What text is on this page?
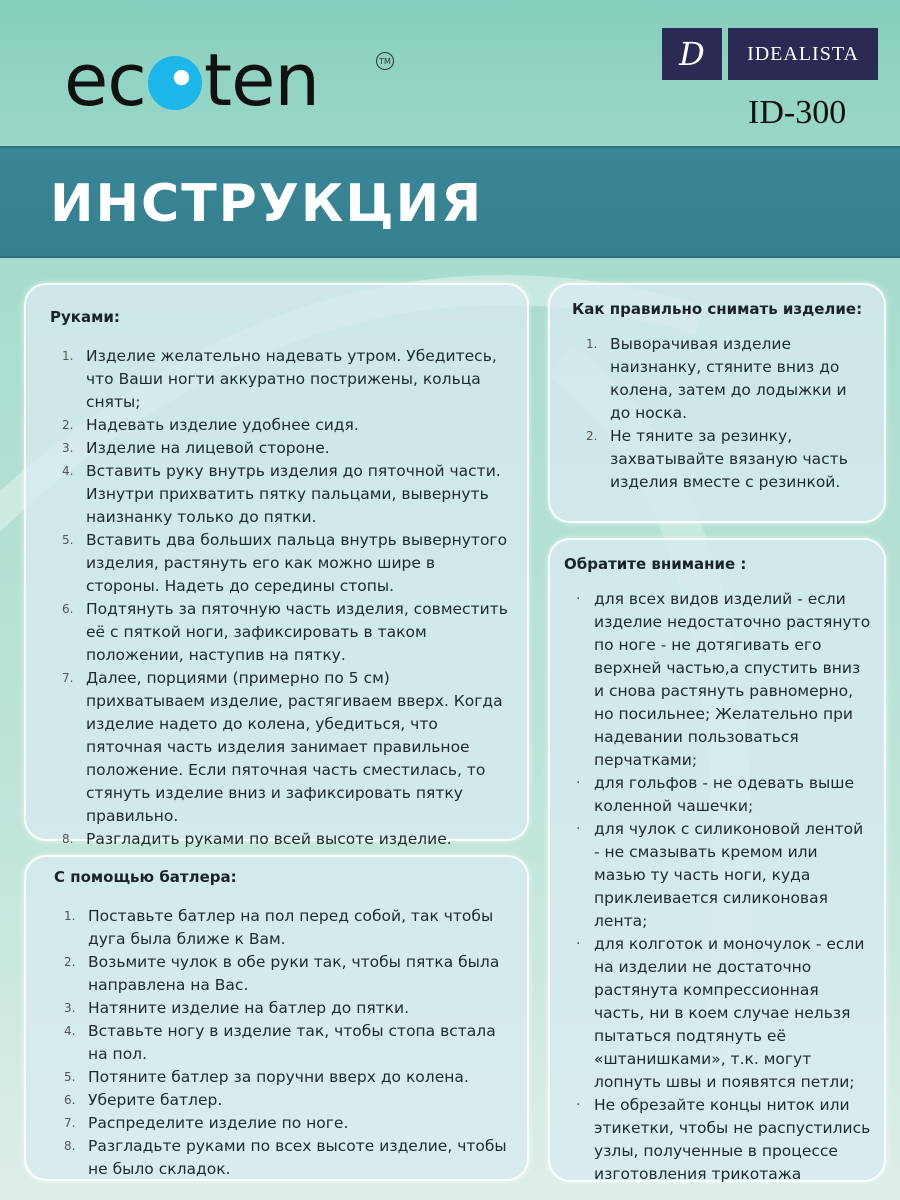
ec ten	TM	D	IDEALISTA
ID-300
ИНСТРУКЦИЯ
Руками:
1. Изделие желательно надевать утром. Убедитесь, что Ваши ногти аккуратно пострижены, кольца сняты;
2. Надевать изделие удобнее сидя.
3. Изделие на лицевой стороне.
4. Вставить руку внутрь изделия до пяточной части. Изнутри прихватить пятку пальцами, вывернуть наизнанку только до пятки.
5. Вставить два больших пальца внутрь вывернутого изделия, растянуть его как можно шире в стороны. Надеть до середины стопы.
6. Подтянуть за пяточную часть изделия, совместить её с пяткой ноги, зафиксировать в таком положении, наступив на пятку.
7. Далее, порциями (примерно по 5 см) прихватываем изделие, растягиваем вверх. Когда изделие надето до колена, убедиться, что пяточная часть изделия занимает правильное положение. Если пяточная часть сместилась, то стянуть изделие вниз и зафиксировать пятку правильно.
8. Разгладить руками по всей высоте изделие.
С помощью батлера:
1. Поставьте батлер на пол перед собой, так чтобы дуга была ближе к Вам.
2. Возьмите чулок в обе руки так, чтобы пятка была направлена на Вас.
3. Натяните изделие на батлер до пятки.
4. Вставьте ногу в изделие так, чтобы стопа встала на пол.
5. Потяните батлер за поручни вверх до колена.
6. Уберите батлер.
7. Распределите изделие по ноге.
8. Разгладьте руками по всех высоте изделие, чтобы не было складок.
Как правильно снимать изделие:
1. Выворачивая изделие наизнанку, стяните вниз до колена, затем до лодыжки и до носка.
2. Не тяните за резинку, захватывайте вязаную часть изделия вместе с резинкой.
Обратите внимание :
· для всех видов изделий - если изделие недостаточно растянуто по ноге - не дотягивать его верхней частью,а спустить вниз и снова растянуть равномерно, но посильнее; Желательно при надевании пользоваться перчатками;
· для гольфов - не одевать выше коленной чашечки;
· для чулок с силиконовой лентой - не смазывать кремом или мазью ту часть ноги, куда приклеивается силиконовая лента;
· для колготок и моночулок - если на изделии не достаточно растянута компрессионная часть, ни в коем случае нельзя пытаться подтянуть её «штанишками», т.к. могут лопнуть швы и появятся петли;
· Не обрезайте концы ниток или этикетки, чтобы не распустились узлы, полученные в процессе изготовления трикотажа
